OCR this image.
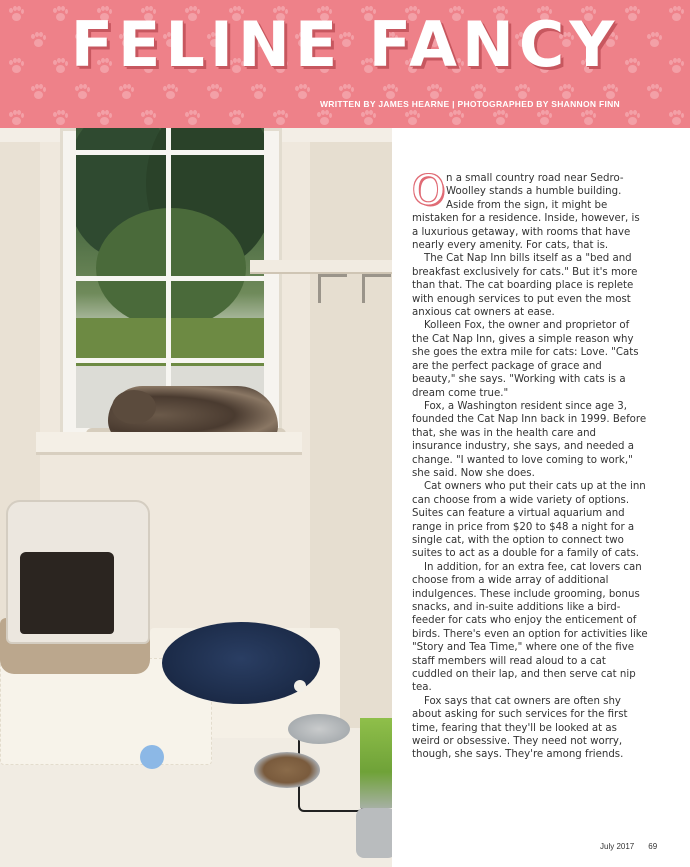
FELINE FANCY
WRITTEN BY JAMES HEARNE | PHOTOGRAPHED BY SHANNON FINN

On a small country road near Sedro-Woolley stands a humble building. Aside from the sign, it might be mistaken for a residence. Inside, however, is a luxurious getaway, with rooms that have nearly every amenity. For cats, that is.

The Cat Nap Inn bills itself as a "bed and breakfast exclusively for cats." But it's more than that. The cat boarding place is replete with enough services to put even the most anxious cat owners at ease.

Kolleen Fox, the owner and proprietor of the Cat Nap Inn, gives a simple reason why she goes the extra mile for cats: Love. "Cats are the perfect package of grace and beauty," she says. "Working with cats is a dream come true."

Fox, a Washington resident since age 3, founded the Cat Nap Inn back in 1999. Before that, she was in the health care and insurance industry, she says, and needed a change. "I wanted to love coming to work," she said. Now she does.

Cat owners who put their cats up at the inn can choose from a wide variety of options. Suites can feature a virtual aquarium and range in price from $20 to $48 a night for a single cat, with the option to connect two suites to act as a double for a family of cats.

In addition, for an extra fee, cat lovers can choose from a wide array of additional indulgences. These include grooming, bonus snacks, and in-suite additions like a bird-feeder for cats who enjoy the enticement of birds. There's even an option for activities like "Story and Tea Time," where one of the five staff members will read aloud to a cat cuddled on their lap, and then serve cat nip tea.

Fox says that cat owners are often shy about asking for such services for the first time, fearing that they'll be looked at as weird or obsessive. They need not worry, though, she says. They're among friends.

July 2017 69
